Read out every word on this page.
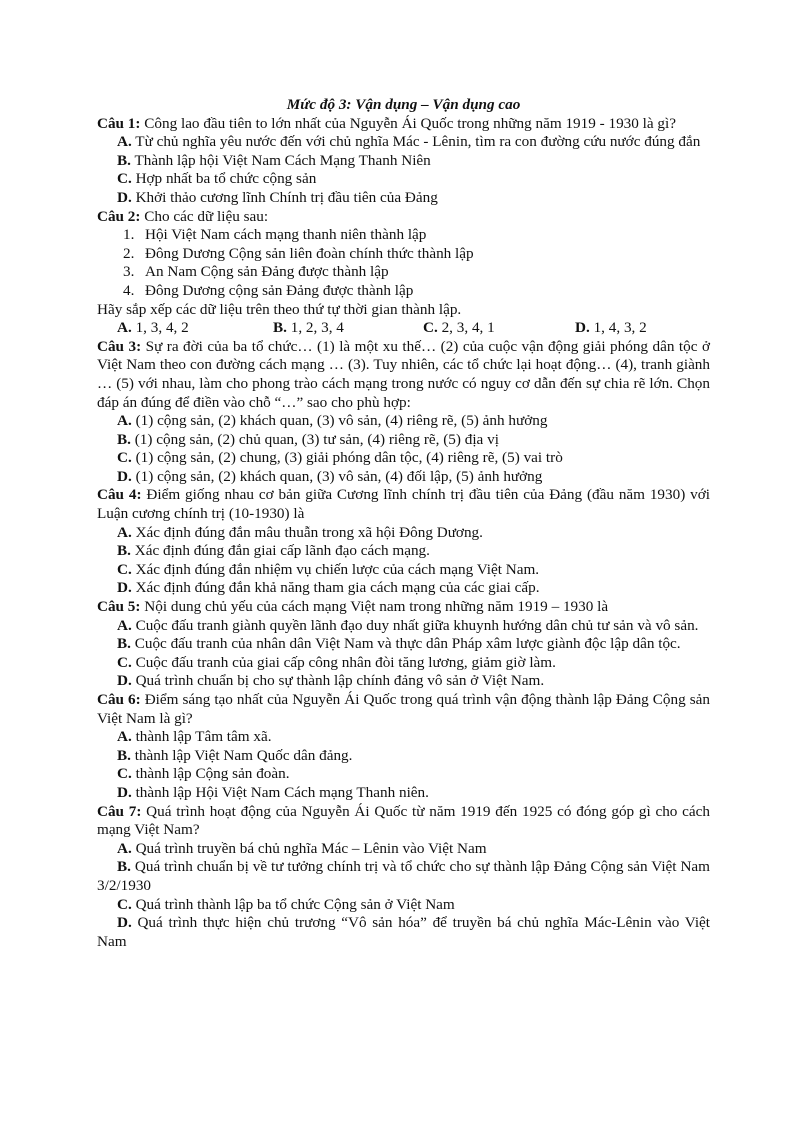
Mức độ 3: Vận dụng – Vận dụng cao

Câu 1: Công lao đầu tiên to lớn nhất của Nguyễn Ái Quốc trong những năm 1919 - 1930 là gì?

A. Từ chủ nghĩa yêu nước đến với chủ nghĩa Mác - Lênin, tìm ra con đường cứu nước đúng đắn

B. Thành lập hội Việt Nam Cách Mạng Thanh Niên

C. Hợp nhất ba tổ chức cộng sản

D. Khởi thảo cương lĩnh Chính trị đầu tiên của Đảng

Câu 2: Cho các dữ liệu sau:

1. Hội Việt Nam cách mạng thanh niên thành lập
2. Đông Dương Cộng sản liên đoàn chính thức thành lập
3. An Nam Cộng sản Đảng được thành lập
4. Đông Dương cộng sản Đảng được thành lập

Hãy sắp xếp các dữ liệu trên theo thứ tự thời gian thành lập.

A. 1, 3, 4, 2	B. 1, 2, 3, 4	C. 2, 3, 4, 1	D. 1, 4, 3, 2

Câu 3: Sự ra đời của ba tổ chức… (1) là một xu thế… (2) của cuộc vận động giải phóng dân tộc ở Việt Nam theo con đường cách mạng … (3). Tuy nhiên, các tổ chức lại hoạt động… (4), tranh giành … (5) với nhau, làm cho phong trào cách mạng trong nước có nguy cơ dẫn đến sự chia rẽ lớn. Chọn đáp án đúng để điền vào chỗ “…” sao cho phù hợp:

A. (1) cộng sản, (2) khách quan, (3) vô sản, (4) riêng rẽ, (5) ảnh hưởng

B. (1) cộng sản, (2) chủ quan, (3) tư sản, (4) riêng rẽ, (5) địa vị

C. (1) cộng sản, (2) chung, (3) giải phóng dân tộc, (4) riêng rẽ, (5) vai trò

D. (1) cộng sản, (2) khách quan, (3) vô sản, (4) đối lập, (5) ảnh hưởng

Câu 4: Điểm giống nhau cơ bản giữa Cương lĩnh chính trị đầu tiên của Đảng (đầu năm 1930) với Luận cương chính trị (10-1930) là

A. Xác định đúng đắn mâu thuẫn trong xã hội Đông Dương.

B. Xác định đúng đắn giai cấp lãnh đạo cách mạng.

C. Xác định đúng đắn nhiệm vụ chiến lược của cách mạng Việt Nam.

D. Xác định đúng đắn khả năng tham gia cách mạng của các giai cấp.

Câu 5: Nội dung chủ yếu của cách mạng Việt nam trong những năm 1919 – 1930 là

A. Cuộc đấu tranh giành quyền lãnh đạo duy nhất giữa khuynh hướng dân chủ tư sản và vô sản.

B. Cuộc đấu tranh của nhân dân Việt Nam và thực dân Pháp xâm lược giành độc lập dân tộc.

C. Cuộc đấu tranh của giai cấp công nhân đòi tăng lương, giảm giờ làm.

D. Quá trình chuẩn bị cho sự thành lập chính đảng vô sản ở Việt Nam.

Câu 6: Điểm sáng tạo nhất của Nguyễn Ái Quốc trong quá trình vận động thành lập Đảng Cộng sản Việt Nam là gì?

A. thành lập Tâm tâm xã.

B. thành lập Việt Nam Quốc dân đảng.

C. thành lập Cộng sản đoàn.

D. thành lập Hội Việt Nam Cách mạng Thanh niên.

Câu 7: Quá trình hoạt động của Nguyễn Ái Quốc từ năm 1919 đến 1925 có đóng góp gì cho cách mạng Việt Nam?

A. Quá trình truyền bá chủ nghĩa Mác – Lênin vào Việt Nam

B. Quá trình chuẩn bị về tư tưởng chính trị và tổ chức cho sự thành lập Đảng Cộng sản Việt Nam 3/2/1930

C. Quá trình thành lập ba tổ chức Cộng sản ở Việt Nam

D. Quá trình thực hiện chủ trương “Vô sản hóa” để truyền bá chủ nghĩa Mác-Lênin vào Việt Nam
